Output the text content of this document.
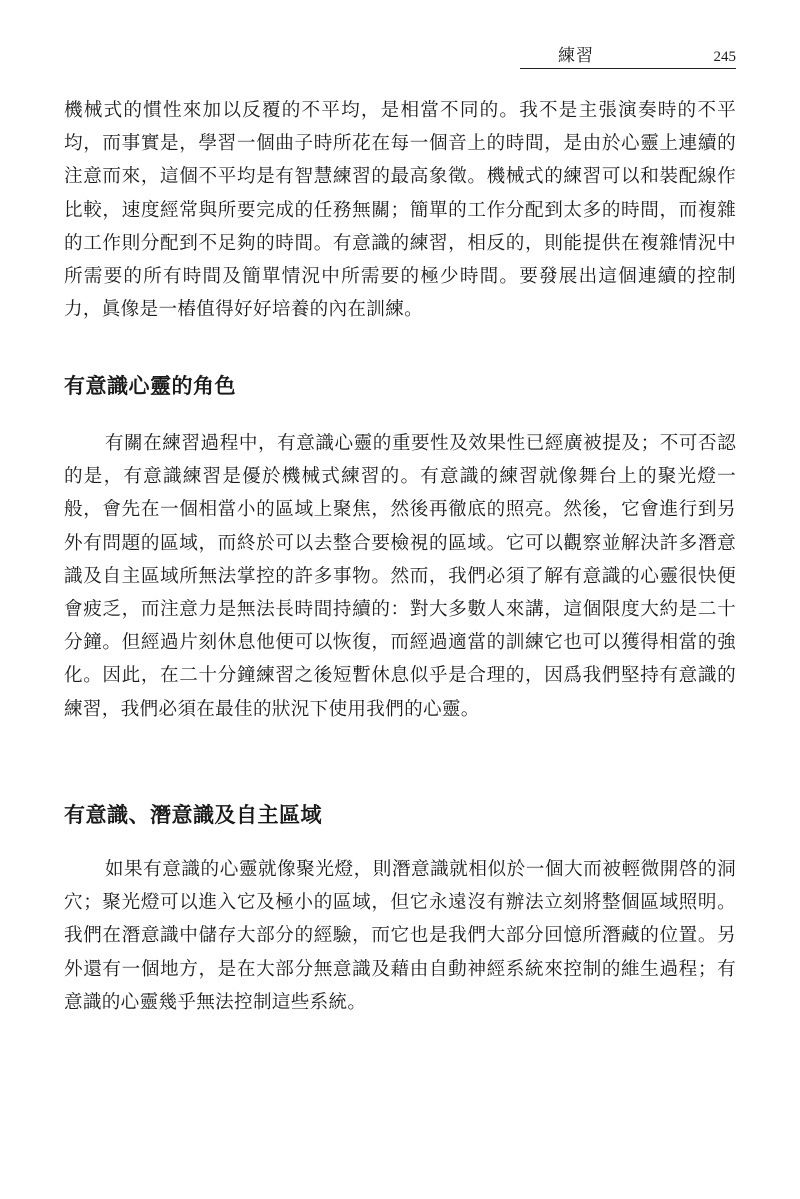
練習	245

機械式的慣性來加以反覆的不平均，是相當不同的。我不是主張演奏時的不平均，而事實是，學習一個曲子時所花在每一個音上的時間，是由於心靈上連續的注意而來，這個不平均是有智慧練習的最高象徵。機械式的練習可以和裝配線作比較，速度經常與所要完成的任務無關；簡單的工作分配到太多的時間，而複雜的工作則分配到不足夠的時間。有意識的練習，相反的，則能提供在複雜情況中所需要的所有時間及簡單情況中所需要的極少時間。要發展出這個連續的控制力，眞像是一樁值得好好培養的內在訓練。

有意識心靈的角色

有關在練習過程中，有意識心靈的重要性及效果性已經廣被提及；不可否認的是，有意識練習是優於機械式練習的。有意識的練習就像舞台上的聚光燈一般，會先在一個相當小的區域上聚焦，然後再徹底的照亮。然後，它會進行到另外有問題的區域，而終於可以去整合要檢視的區域。它可以觀察並解決許多潛意識及自主區域所無法掌控的許多事物。然而，我們必須了解有意識的心靈很快便會疲乏，而注意力是無法長時間持續的：對大多數人來講，這個限度大約是二十分鐘。但經過片刻休息他便可以恢復，而經過適當的訓練它也可以獲得相當的強化。因此，在二十分鐘練習之後短暫休息似乎是合理的，因爲我們堅持有意識的練習，我們必須在最佳的狀況下使用我們的心靈。

有意識、潛意識及自主區域

如果有意識的心靈就像聚光燈，則潛意識就相似於一個大而被輕微開啓的洞穴；聚光燈可以進入它及極小的區域，但它永遠沒有辦法立刻將整個區域照明。我們在潛意識中儲存大部分的經驗，而它也是我們大部分回憶所潛藏的位置。另外還有一個地方，是在大部分無意識及藉由自動神經系統來控制的維生過程；有意識的心靈幾乎無法控制這些系統。
